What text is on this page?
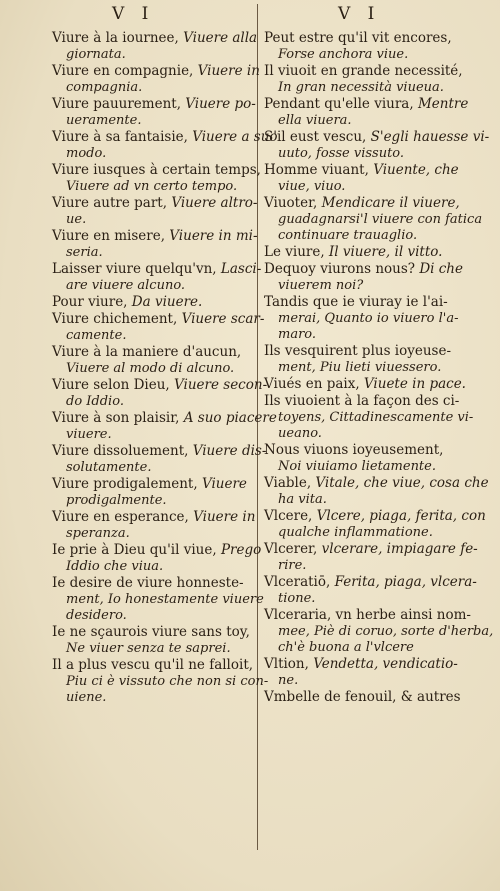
V I	V I
Viure à la iournee, Viuere alla
giornata.
Viure en compagnie, Viuere in
compagnia.
Viure pauurement, Viuere po-
ueramente.
Viure à sa fantaisie, Viuere a suo
modo.
Viure iusques à certain temps,
Viuere ad vn certo tempo.
Viure autre part, Viuere altro-
ue.
Viure en misere, Viuere in mi-
seria.
Laisser viure quelqu'vn, Lasci-
are viuere alcuno.
Pour viure, Da viuere.
Viure chichement, Viuere scar-
camente.
Viure à la maniere d'aucun,
Viuere al modo di alcuno.
Viure selon Dieu, Viuere secon-
do Iddio.
Viure à son plaisir, A suo piacere
viuere.
Viure dissoluement, Viuere dis-
solutamente.
Viure prodigalement, Viuere
prodigalmente.
Viure en esperance, Viuere in
speranza.
Ie prie à Dieu qu'il viue, Prego
Iddio che viua.
Ie desire de viure honneste-
ment, Io honestamente viuere
desidero.
Ie ne sçaurois viure sans toy,
Ne viuer senza te saprei.
Il a plus vescu qu'il ne falloit,
Piu ci è vissuto che non si con-
uiene.
Peut estre qu'il vit encores,
Forse anchora viue.
Il viuoit en grande necessité,
In gran necessità viueua.
Pendant qu'elle viura, Mentre
ella viuera.
S'il eust vescu, S'egli hauesse vi-
uuto, fosse vissuto.
Homme viuant, Viuente, che
viue, viuo.
Viuoter, Mendicare il viuere,
guadagnarsi'l viuere con fatica
continuare trauaglio.
Le viure, Il viuere, il vitto.
Dequoy viurons nous? Di che
viuerem noi?
Tandis que ie viuray ie l'ai-
merai, Quanto io viuero l'a-
maro.
Ils vesquirent plus ioyeuse-
ment, Piu lieti viuessero.
Viués en paix, Viuete in pace.
Ils viuoient à la façon des ci-
toyens, Cittadinescamente vi-
ueano.
Nous viuons ioyeusement,
Noi viuiamo lietamente.
Viable, Vitale, che viue, cosa che
ha vita.
Vlcere, Vlcere, piaga, ferita, con
qualche inflammatione.
Vlcerer, vlcerare, impiagare fe-
rire.
Vlceratiō, Ferita, piaga, vlcera-
tione.
Vlceraria, vn herbe ainsi nom-
mee, Piè di coruo, sorte d'herba,
ch'è buona a l'vlcere
Vltion, Vendetta, vendicatio-
ne.
Vmbelle de fenouil, & autres
